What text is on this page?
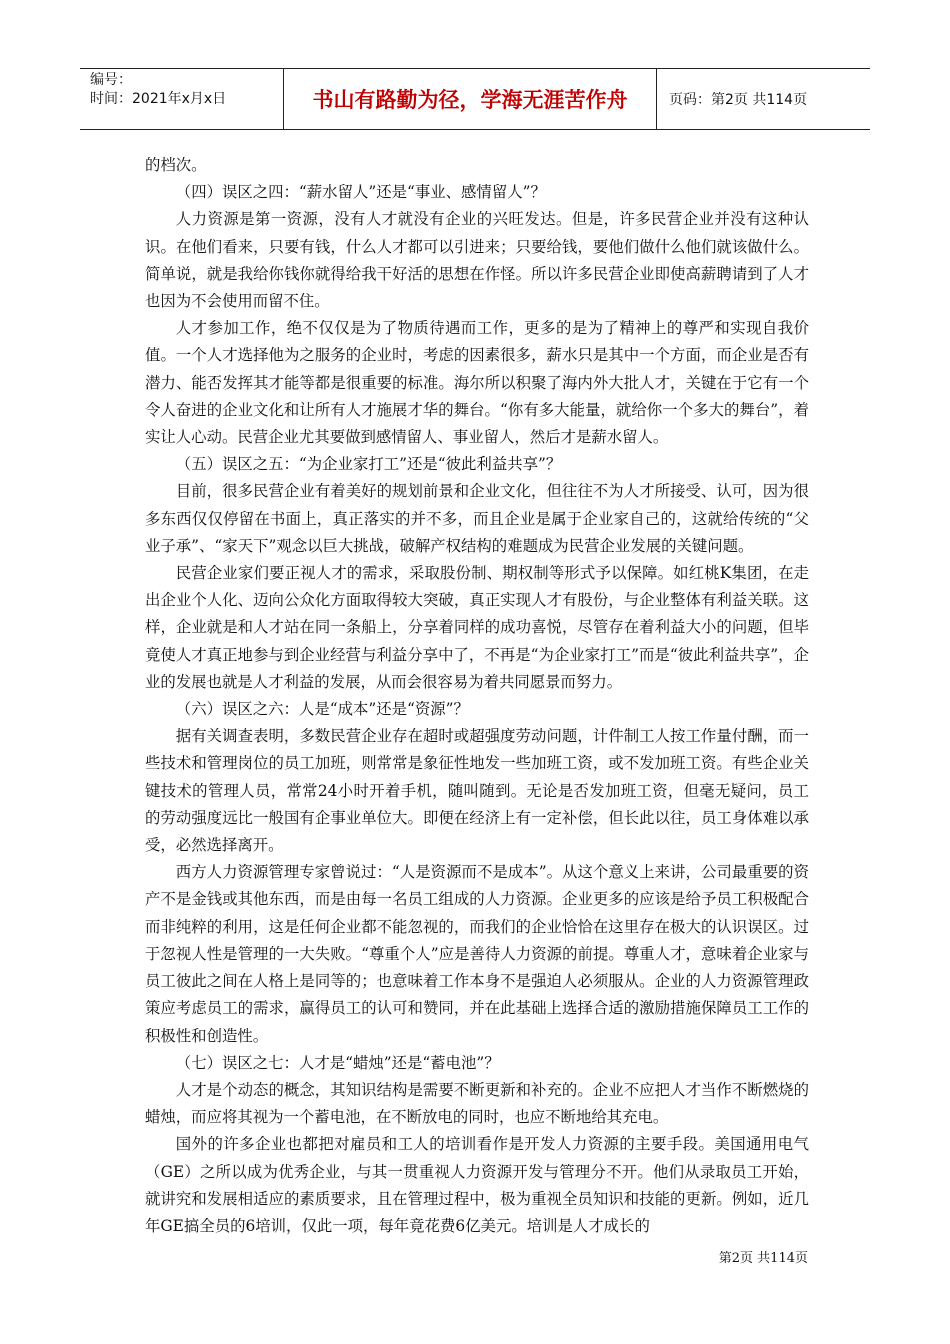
编号：
时间：2021年x月x日	书山有路勤为径，学海无涯苦作舟	页码：第2页 共114页

的档次。

（四）误区之四：“薪水留人”还是“事业、感情留人”？

人力资源是第一资源，没有人才就没有企业的兴旺发达。但是，许多民营企业并没有这种认识。在他们看来，只要有钱，什么人才都可以引进来；只要给钱，要他们做什么他们就该做什么。简单说，就是我给你钱你就得给我干好活的思想在作怪。所以许多民营企业即使高薪聘请到了人才也因为不会使用而留不住。

人才参加工作，绝不仅仅是为了物质待遇而工作，更多的是为了精神上的尊严和实现自我价值。一个人才选择他为之服务的企业时，考虑的因素很多，薪水只是其中一个方面，而企业是否有潜力、能否发挥其才能等都是很重要的标准。海尔所以积聚了海内外大批人才，关键在于它有一个令人奋进的企业文化和让所有人才施展才华的舞台。“你有多大能量，就给你一个多大的舞台”，着实让人心动。民营企业尤其要做到感情留人、事业留人，然后才是薪水留人。

（五）误区之五：“为企业家打工”还是“彼此利益共享”？

目前，很多民营企业有着美好的规划前景和企业文化，但往往不为人才所接受、认可，因为很多东西仅仅停留在书面上，真正落实的并不多，而且企业是属于企业家自己的，这就给传统的“父业子承”、“家天下”观念以巨大挑战，破解产权结构的难题成为民营企业发展的关键问题。

民营企业家们要正视人才的需求，采取股份制、期权制等形式予以保障。如红桃K集团，在走出企业个人化、迈向公众化方面取得较大突破，真正实现人才有股份，与企业整体有利益关联。这样，企业就是和人才站在同一条船上，分享着同样的成功喜悦，尽管存在着利益大小的问题，但毕竟使人才真正地参与到企业经营与利益分享中了，不再是“为企业家打工”而是“彼此利益共享”，企业的发展也就是人才利益的发展，从而会很容易为着共同愿景而努力。

（六）误区之六：人是“成本”还是“资源”？

据有关调查表明，多数民营企业存在超时或超强度劳动问题，计件制工人按工作量付酬，而一些技术和管理岗位的员工加班，则常常是象征性地发一些加班工资，或不发加班工资。有些企业关键技术的管理人员，常常24小时开着手机，随叫随到。无论是否发加班工资，但毫无疑问，员工的劳动强度远比一般国有企事业单位大。即便在经济上有一定补偿，但长此以往，员工身体难以承受，必然选择离开。

西方人力资源管理专家曾说过：“人是资源而不是成本”。从这个意义上来讲，公司最重要的资产不是金钱或其他东西，而是由每一名员工组成的人力资源。企业更多的应该是给予员工积极配合而非纯粹的利用，这是任何企业都不能忽视的，而我们的企业恰恰在这里存在极大的认识误区。过于忽视人性是管理的一大失败。“尊重个人”应是善待人力资源的前提。尊重人才，意味着企业家与员工彼此之间在人格上是同等的；也意味着工作本身不是强迫人必须服从。企业的人力资源管理政策应考虑员工的需求，赢得员工的认可和赞同，并在此基础上选择合适的激励措施保障员工工作的积极性和创造性。

（七）误区之七：人才是“蜡烛”还是“蓄电池”？

人才是个动态的概念，其知识结构是需要不断更新和补充的。企业不应把人才当作不断燃烧的蜡烛，而应将其视为一个蓄电池，在不断放电的同时，也应不断地给其充电。

国外的许多企业也都把对雇员和工人的培训看作是开发人力资源的主要手段。美国通用电气（GE）之所以成为优秀企业，与其一贯重视人力资源开发与管理分不开。他们从录取员工开始，就讲究和发展相适应的素质要求，且在管理过程中，极为重视全员知识和技能的更新。例如，近几年GE搞全员的6培训，仅此一项，每年竟花费6亿美元。培训是人才成长的

第2页 共114页
